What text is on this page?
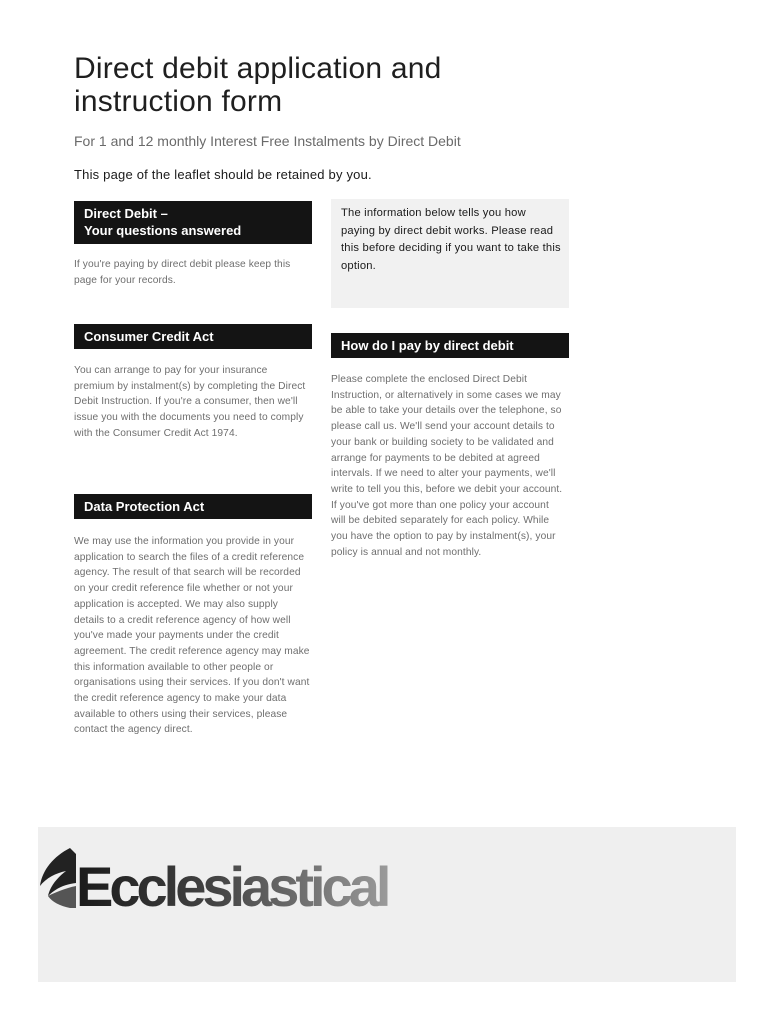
Direct debit application and instruction form
For 1 and 12 monthly Interest Free Instalments by Direct Debit
This page of the leaflet should be retained by you.
Direct Debit –
Your questions answered
If you're paying by direct debit please keep this page for your records.
Consumer Credit Act
You can arrange to pay for your insurance premium by instalment(s) by completing the Direct Debit Instruction. If you're a consumer, then we'll issue you with the documents you need to comply with the Consumer Credit Act 1974.
Data Protection Act
We may use the information you provide in your application to search the files of a credit reference agency. The result of that search will be recorded on your credit reference file whether or not your application is accepted. We may also supply details to a credit reference agency of how well you've made your payments under the credit agreement. The credit reference agency may make this information available to other people or organisations using their services. If you don't want the credit reference agency to make your data available to others using their services, please contact the agency direct.
The information below tells you how paying by direct debit works. Please read this before deciding if you want to take this option.
How do I pay by direct debit
Please complete the enclosed Direct Debit Instruction, or alternatively in some cases we may be able to take your details over the telephone, so please call us. We'll send your account details to your bank or building society to be validated and arrange for payments to be debited at agreed intervals. If we need to alter your payments, we'll write to tell you this, before we debit your account. If you've got more than one policy your account will be debited separately for each policy. While you have the option to pay by instalment(s), your policy is annual and not monthly.
Ecclesiastical
